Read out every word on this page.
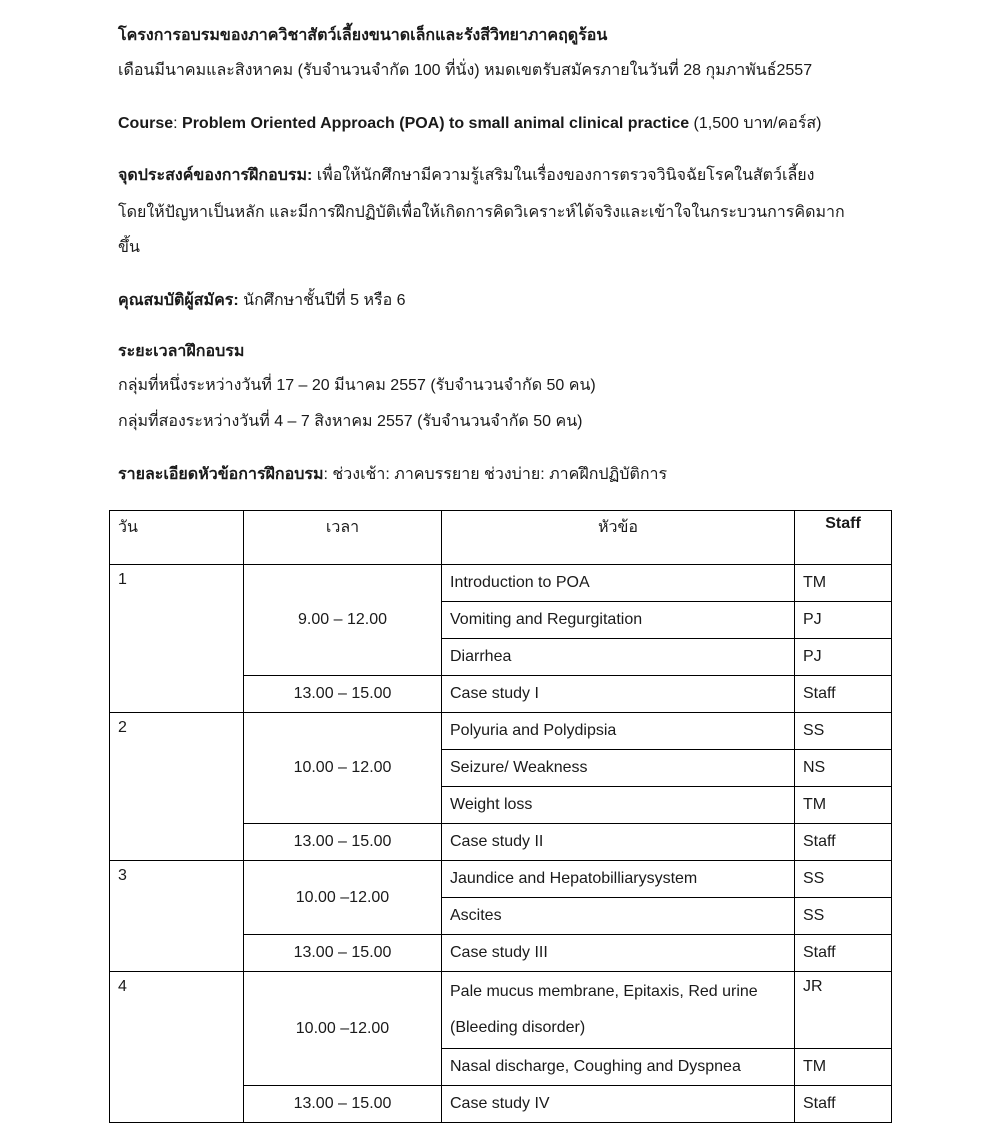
โครงการอบรมของภาควิชาสัตว์เลี้ยงขนาดเล็กและรังสีวิทยาภาคฤดูร้อน

เดือนมีนาคมและสิงหาคม (รับจำนวนจำกัด 100 ที่นั่ง) หมดเขตรับสมัครภายในวันที่ 28 กุมภาพันธ์2557

Course: Problem Oriented Approach (POA) to small animal clinical practice (1,500 บาท/คอร์ส)

จุดประสงค์ของการฝึกอบรม: เพื่อให้นักศึกษามีความรู้เสริมในเรื่องของการตรวจวินิจฉัยโรคในสัตว์เลี้ยง

โดยให้ปัญหาเป็นหลัก และมีการฝึกปฏิบัติเพื่อให้เกิดการคิดวิเคราะห์ได้จริงและเข้าใจในกระบวนการคิดมาก

ขึ้น

คุณสมบัติผู้สมัคร: นักศึกษาชั้นปีที่ 5 หรือ 6

ระยะเวลาฝึกอบรม

กลุ่มที่หนึ่งระหว่างวันที่ 17 – 20 มีนาคม 2557 (รับจำนวนจำกัด 50 คน)

กลุ่มที่สองระหว่างวันที่ 4 – 7 สิงหาคม 2557 (รับจำนวนจำกัด 50 คน)

รายละเอียดหัวข้อการฝึกอบรม: ช่วงเช้า: ภาคบรรยาย ช่วงบ่าย: ภาคฝึกปฏิบัติการ

วัน	เวลา	หัวข้อ	Staff
1	9.00 – 12.00	Introduction to POA	TM
		Vomiting and Regurgitation	PJ
		Diarrhea	PJ
	13.00 – 15.00	Case study I	Staff
2	10.00 – 12.00	Polyuria and Polydipsia	SS
		Seizure/ Weakness	NS
		Weight loss	TM
	13.00 – 15.00	Case study II	Staff
3	10.00 –12.00	Jaundice and Hepatobilliarysystem	SS
		Ascites	SS
	13.00 – 15.00	Case study III	Staff
4	10.00 –12.00	Pale mucus membrane, Epitaxis, Red urine (Bleeding disorder)	JR
		Nasal discharge, Coughing and Dyspnea	TM
	13.00 – 15.00	Case study IV	Staff
